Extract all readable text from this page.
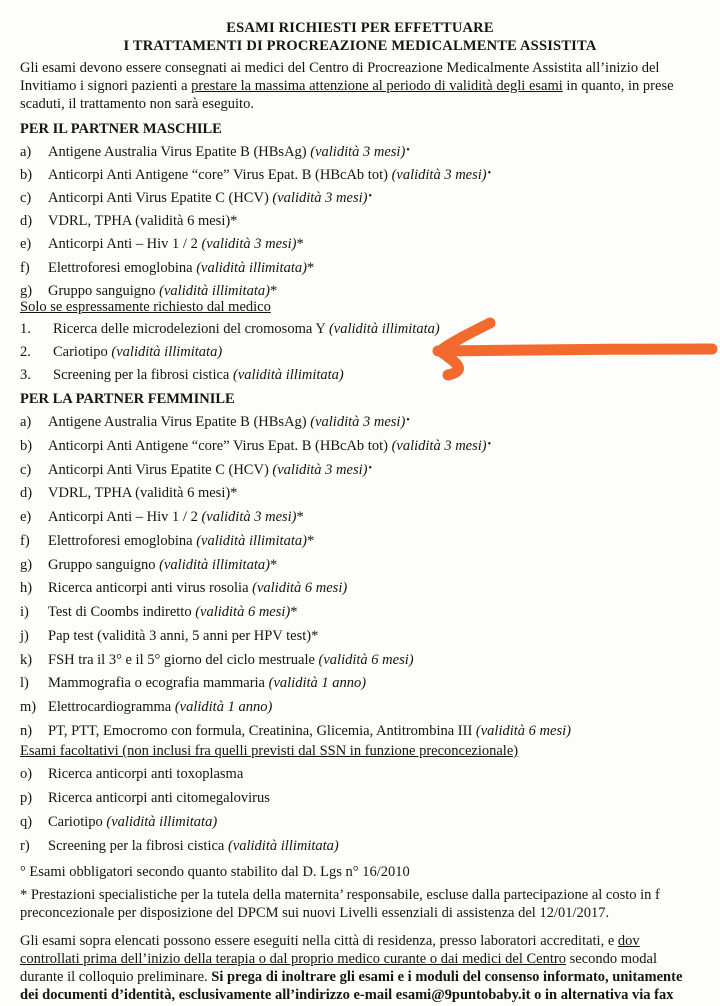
ESAMI RICHIESTI PER EFFETTUARE
I TRATTAMENTI DI PROCREAZIONE MEDICALMENTE ASSISTITA
Gli esami devono essere consegnati ai medici del Centro di Procreazione Medicalmente Assistita all’inizio del
Invitiamo i signori pazienti a prestare la massima attenzione al periodo di validità degli esami in quanto, in prese
scaduti, il trattamento non sarà eseguito.
PER IL PARTNER MASCHILE
a) Antigene Australia Virus Epatite B (HBsAg) (validità 3 mesi)•
b) Anticorpi Anti Antigene “core” Virus Epat. B (HBcAb tot) (validità 3 mesi)•
c) Anticorpi Anti Virus Epatite C (HCV) (validità 3 mesi)•
d) VDRL, TPHA (validità 6 mesi)*
e) Anticorpi Anti – Hiv 1 / 2 (validità 3 mesi)*
f) Elettroforesi emoglobina (validità illimitata)*
g) Gruppo sanguigno (validità illimitata)*
Solo se espressamente richiesto dal medico
1. Ricerca delle microdelezioni del cromosoma Y (validità illimitata)
2. Cariotipo (validità illimitata)
3. Screening per la fibrosi cistica (validità illimitata)
PER LA PARTNER FEMMINILE
a) Antigene Australia Virus Epatite B (HBsAg) (validità 3 mesi)•
b) Anticorpi Anti Antigene “core” Virus Epat. B (HBcAb tot) (validità 3 mesi)•
c) Anticorpi Anti Virus Epatite C (HCV) (validità 3 mesi)•
d) VDRL, TPHA (validità 6 mesi)*
e) Anticorpi Anti – Hiv 1 / 2 (validità 3 mesi)*
f) Elettroforesi emoglobina (validità illimitata)*
g) Gruppo sanguigno (validità illimitata)*
h) Ricerca anticorpi anti virus rosolia (validità 6 mesi)
i) Test di Coombs indiretto (validità 6 mesi)*
j) Pap test (validità 3 anni, 5 anni per HPV test)*
k) FSH tra il 3° e il 5° giorno del ciclo mestruale (validità 6 mesi)
l) Mammografia o ecografia mammaria (validità 1 anno)
m) Elettrocardiogramma (validità 1 anno)
n) PT, PTT, Emocromo con formula, Creatinina, Glicemia, Antitrombina III (validità 6 mesi)
Esami facoltativi (non inclusi fra quelli previsti dal SSN in funzione preconcezionale)
o) Ricerca anticorpi anti toxoplasma
p) Ricerca anticorpi anti citomegalovirus
q) Cariotipo (validità illimitata)
r) Screening per la fibrosi cistica (validità illimitata)
° Esami obbligatori secondo quanto stabilito dal D. Lgs n° 16/2010
* Prestazioni specialistiche per la tutela della maternita’ responsabile, escluse dalla partecipazione al costo in f
preconcezionale per disposizione del DPCM sui nuovi Livelli essenziali di assistenza del 12/01/2017.
Gli esami sopra elencati possono essere eseguiti nella città di residenza, presso laboratori accreditati, e dov
controllati prima dell’inizio della terapia o dal proprio medico curante o dai medici del Centro secondo modal
durante il colloquio preliminare. Si prega di inoltrare gli esami e i moduli del consenso informato, unitamente
dei documenti d’identità, esclusivamente all’indirizzo e-mail esami@9puntobaby.it o in alternativa via fax
